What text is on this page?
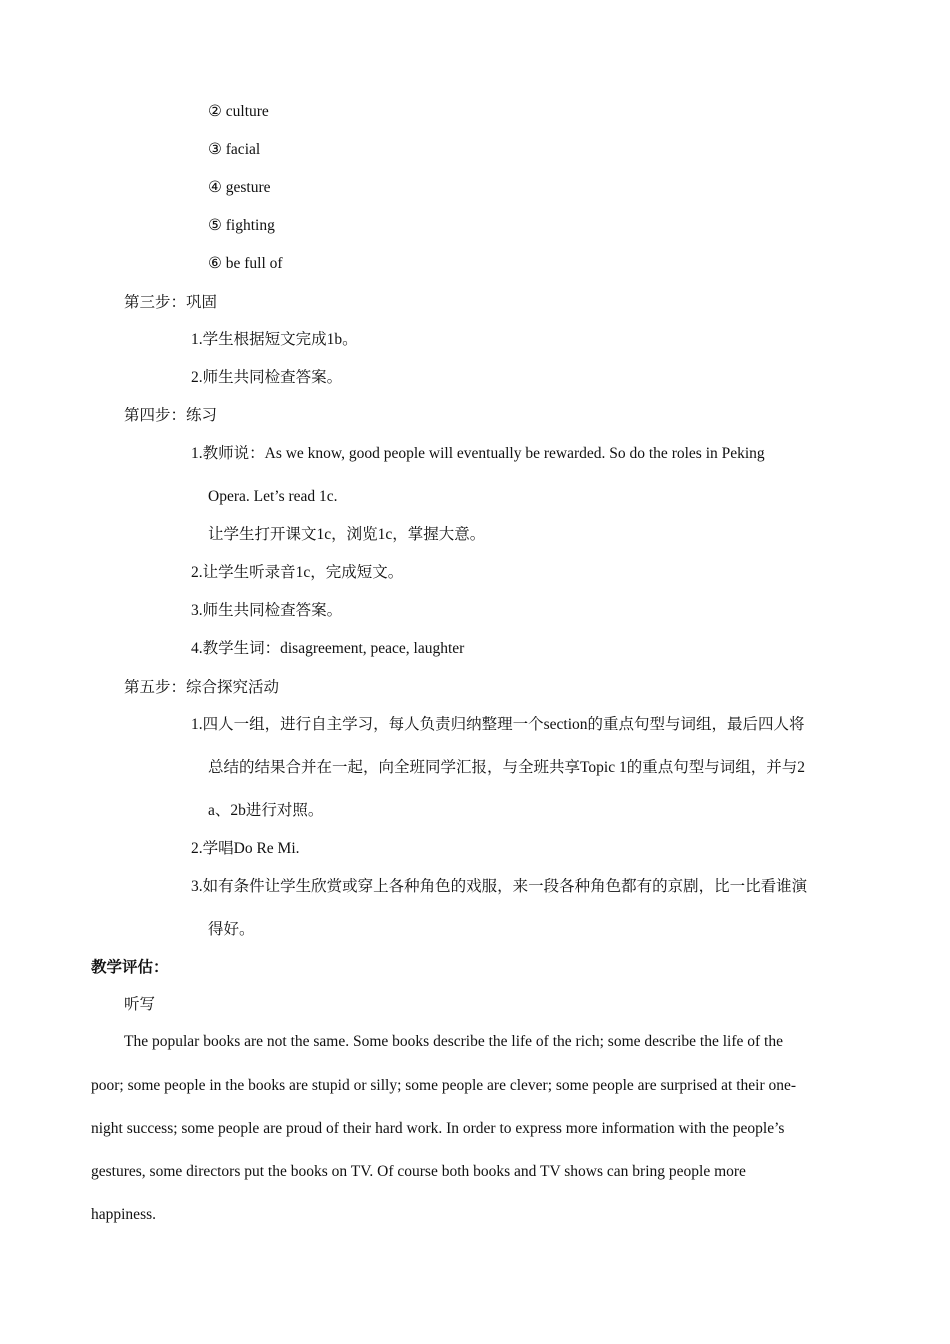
② culture
③ facial
④ gesture
⑤ fighting
⑥ be full of
第三步：巩固
1.学生根据短文完成1b。
2.师生共同检查答案。
第四步：练习
1.教师说：As we know, good people will eventually be rewarded. So do the roles in Peking
Opera. Let’s read 1c.
让学生打开课文1c，浏览1c，掌握大意。
2.让学生听录音1c，完成短文。
3.师生共同检查答案。
4.教学生词：disagreement, peace, laughter
第五步：综合探究活动
1.四人一组，进行自主学习，每人负责归纳整理一个section的重点句型与词组，最后四人将
总结的结果合并在一起，向全班同学汇报，与全班共享Topic 1的重点句型与词组，并与2
a、2b进行对照。
2.学唱Do Re Mi.
3.如有条件让学生欣赏或穿上各种角色的戏服，来一段各种角色都有的京剧，比一比看谁演
得好。
教学评估：
听写
The popular books are not the same. Some books describe the life of the rich; some describe the life of the
poor; some people in the books are stupid or silly; some people are clever; some people are surprised at their one-
night success; some people are proud of their hard work. In order to express more information with the people’s
gestures, some directors put the books on TV. Of course both books and TV shows can bring people more
happiness.
